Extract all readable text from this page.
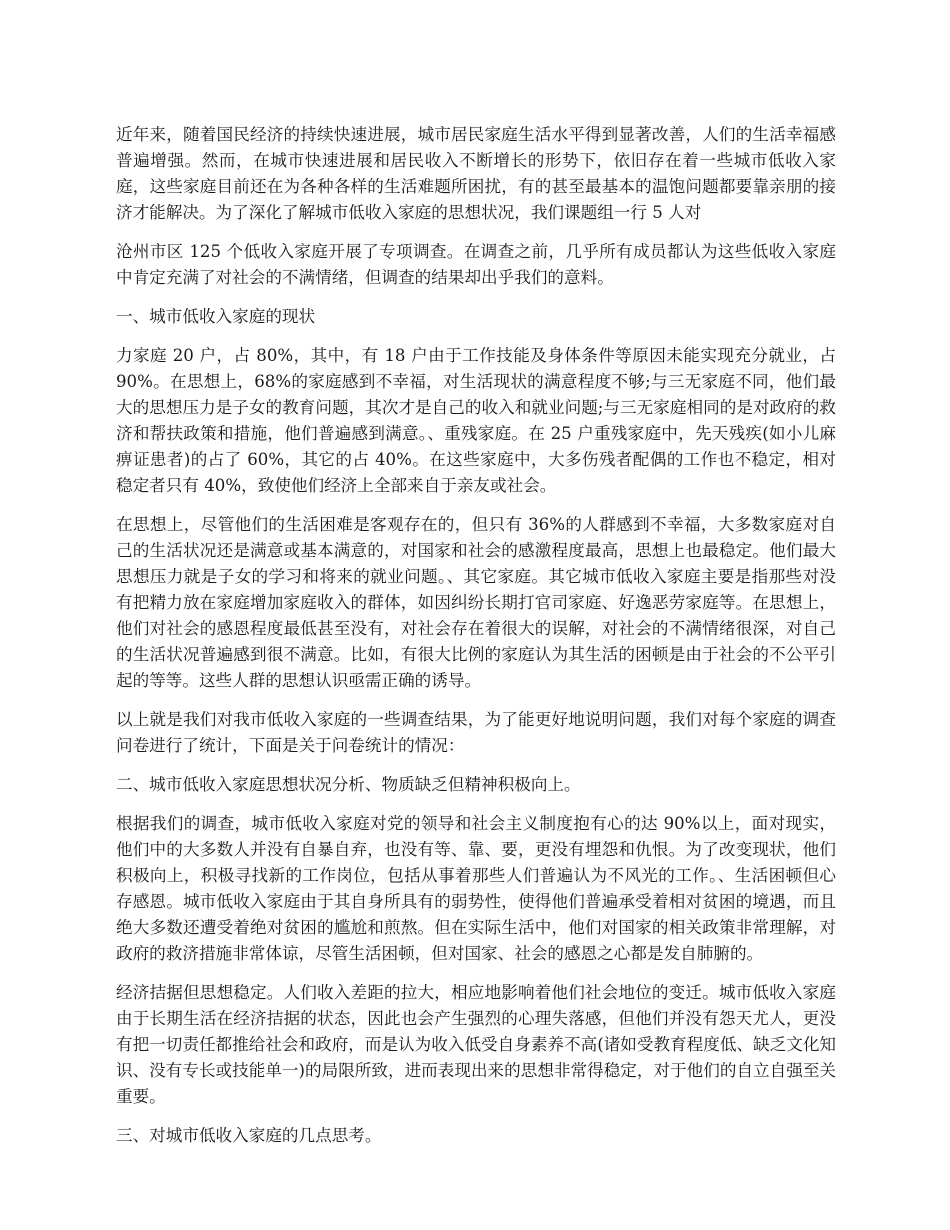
近年来，随着国民经济的持续快速进展，城市居民家庭生活水平得到显著改善，人们的生活幸福感普遍增强。然而，在城市快速进展和居民收入不断增长的形势下，依旧存在着一些城市低收入家庭，这些家庭目前还在为各种各样的生活难题所困扰，有的甚至最基本的温饱问题都要靠亲朋的接济才能解决。为了深化了解城市低收入家庭的思想状况，我们课题组一行 5 人对

沧州市区 125 个低收入家庭开展了专项调查。在调查之前，几乎所有成员都认为这些低收入家庭中肯定充满了对社会的不满情绪，但调查的结果却出乎我们的意料。

一、城市低收入家庭的现状

力家庭 20 户，占 80%，其中，有 18 户由于工作技能及身体条件等原因未能实现充分就业，占 90%。在思想上，68%的家庭感到不幸福，对生活现状的满意程度不够;与三无家庭不同，他们最大的思想压力是子女的教育问题，其次才是自己的收入和就业问题;与三无家庭相同的是对政府的救济和帮扶政策和措施，他们普遍感到满意。、重残家庭。在 25 户重残家庭中，先天残疾(如小儿麻痹证患者)的占了 60%，其它的占 40%。在这些家庭中，大多伤残者配偶的工作也不稳定，相对稳定者只有 40%，致使他们经济上全部来自于亲友或社会。

在思想上，尽管他们的生活困难是客观存在的，但只有 36%的人群感到不幸福，大多数家庭对自己的生活状况还是满意或基本满意的，对国家和社会的感激程度最高，思想上也最稳定。他们最大思想压力就是子女的学习和将来的就业问题。、其它家庭。其它城市低收入家庭主要是指那些对没有把精力放在家庭增加家庭收入的群体，如因纠纷长期打官司家庭、好逸恶劳家庭等。在思想上，他们对社会的感恩程度最低甚至没有，对社会存在着很大的误解，对社会的不满情绪很深，对自己的生活状况普遍感到很不满意。比如，有很大比例的家庭认为其生活的困顿是由于社会的不公平引起的等等。这些人群的思想认识亟需正确的诱导。

以上就是我们对我市低收入家庭的一些调查结果，为了能更好地说明问题，我们对每个家庭的调查问卷进行了统计，下面是关于问卷统计的情况：

二、城市低收入家庭思想状况分析、物质缺乏但精神积极向上。

根据我们的调查，城市低收入家庭对党的领导和社会主义制度抱有心的达 90%以上，面对现实，他们中的大多数人并没有自暴自弃，也没有等、靠、要，更没有埋怨和仇恨。为了改变现状，他们积极向上，积极寻找新的工作岗位，包括从事着那些人们普遍认为不风光的工作。、生活困顿但心存感恩。城市低收入家庭由于其自身所具有的弱势性，使得他们普遍承受着相对贫困的境遇，而且绝大多数还遭受着绝对贫困的尴尬和煎熬。但在实际生活中，他们对国家的相关政策非常理解，对政府的救济措施非常体谅，尽管生活困顿，但对国家、社会的感恩之心都是发自肺腑的。

经济拮据但思想稳定。人们收入差距的拉大，相应地影响着他们社会地位的变迁。城市低收入家庭由于长期生活在经济拮据的状态，因此也会产生强烈的心理失落感，但他们并没有怨天尤人，更没有把一切责任都推给社会和政府，而是认为收入低受自身素养不高(诸如受教育程度低、缺乏文化知识、没有专长或技能单一)的局限所致，进而表现出来的思想非常得稳定，对于他们的自立自强至关重要。

三、对城市低收入家庭的几点思考。
